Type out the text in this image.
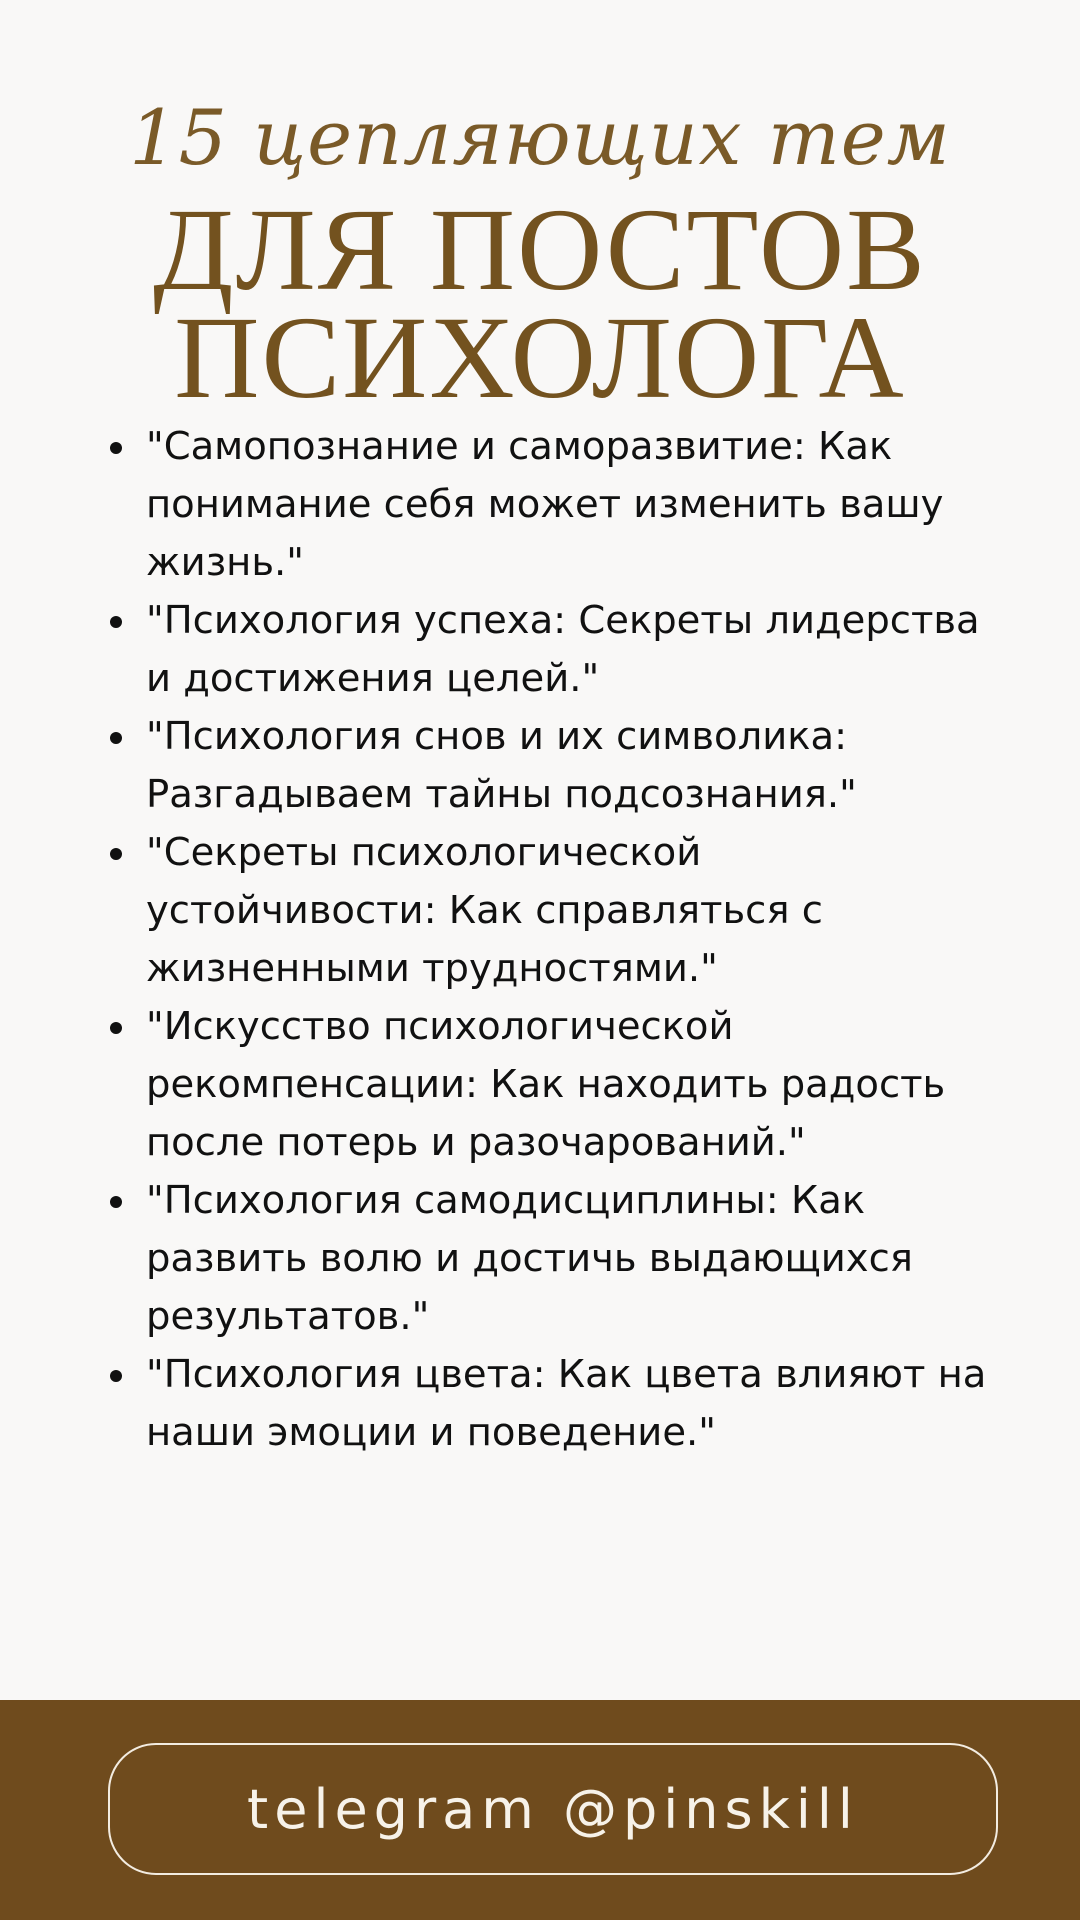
15 цепляющих тем
ДЛЯ ПОСТОВ
ПСИХОЛОГА
"Самопознание и саморазвитие: Как понимание себя может изменить вашу жизнь."
"Психология успеха: Секреты лидерства и достижения целей."
"Психология снов и их символика: Разгадываем тайны подсознания."
"Секреты психологической устойчивости: Как справляться с жизненными трудностями."
"Искусство психологической рекомпенсации: Как находить радость после потерь и разочарований."
"Психология самодисциплины: Как развить волю и достичь выдающихся результатов."
"Психология цвета: Как цвета влияют на наши эмоции и поведение."
telegram @pinskill
